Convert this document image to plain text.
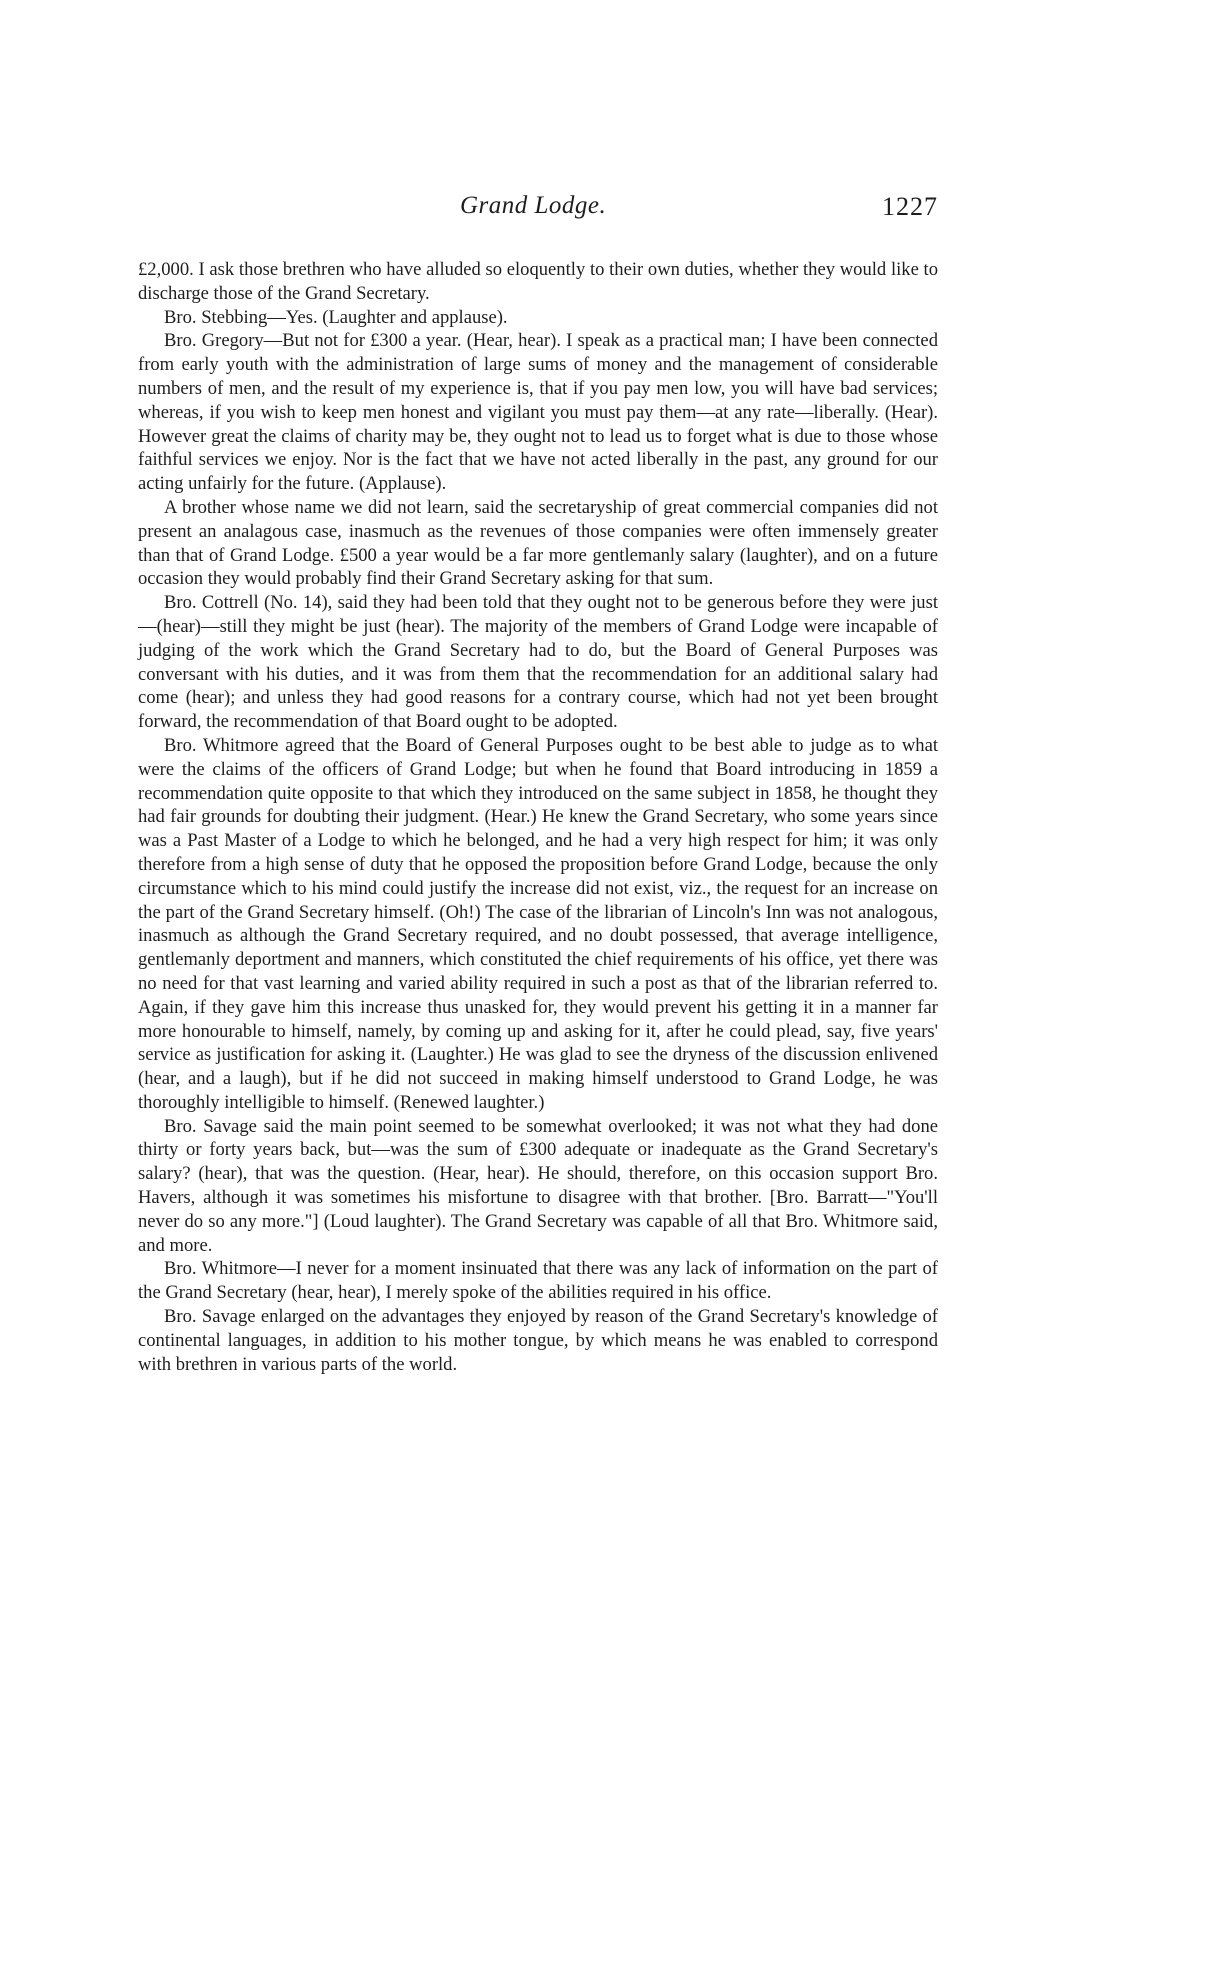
Grand Lodge.	1227

£2,000. I ask those brethren who have alluded so eloquently to their own duties, whether they would like to discharge those of the Grand Secretary.

Bro. Stebbing—Yes. (Laughter and applause).

Bro. Gregory—But not for £300 a year. (Hear, hear). I speak as a practical man; I have been connected from early youth with the administration of large sums of money and the management of considerable numbers of men, and the result of my experience is, that if you pay men low, you will have bad services; whereas, if you wish to keep men honest and vigilant you must pay them—at any rate—liberally. (Hear). However great the claims of charity may be, they ought not to lead us to forget what is due to those whose faithful services we enjoy. Nor is the fact that we have not acted liberally in the past, any ground for our acting unfairly for the future. (Applause).

A brother whose name we did not learn, said the secretaryship of great commercial companies did not present an analagous case, inasmuch as the revenues of those companies were often immensely greater than that of Grand Lodge. £500 a year would be a far more gentlemanly salary (laughter), and on a future occasion they would probably find their Grand Secretary asking for that sum.

Bro. Cottrell (No. 14), said they had been told that they ought not to be generous before they were just—(hear)—still they might be just (hear). The majority of the members of Grand Lodge were incapable of judging of the work which the Grand Secretary had to do, but the Board of General Purposes was conversant with his duties, and it was from them that the recommendation for an additional salary had come (hear); and unless they had good reasons for a contrary course, which had not yet been brought forward, the recommendation of that Board ought to be adopted.

Bro. Whitmore agreed that the Board of General Purposes ought to be best able to judge as to what were the claims of the officers of Grand Lodge; but when he found that Board introducing in 1859 a recommendation quite opposite to that which they introduced on the same subject in 1858, he thought they had fair grounds for doubting their judgment. (Hear.) He knew the Grand Secretary, who some years since was a Past Master of a Lodge to which he belonged, and he had a very high respect for him; it was only therefore from a high sense of duty that he opposed the proposition before Grand Lodge, because the only circumstance which to his mind could justify the increase did not exist, viz., the request for an increase on the part of the Grand Secretary himself. (Oh!) The case of the librarian of Lincoln's Inn was not analogous, inasmuch as although the Grand Secretary required, and no doubt possessed, that average intelligence, gentlemanly deportment and manners, which constituted the chief requirements of his office, yet there was no need for that vast learning and varied ability required in such a post as that of the librarian referred to. Again, if they gave him this increase thus unasked for, they would prevent his getting it in a manner far more honourable to himself, namely, by coming up and asking for it, after he could plead, say, five years' service as justification for asking it. (Laughter.) He was glad to see the dryness of the discussion enlivened (hear, and a laugh), but if he did not succeed in making himself understood to Grand Lodge, he was thoroughly intelligible to himself. (Renewed laughter.)

Bro. Savage said the main point seemed to be somewhat overlooked; it was not what they had done thirty or forty years back, but—was the sum of £300 adequate or inadequate as the Grand Secretary's salary? (hear), that was the question. (Hear, hear). He should, therefore, on this occasion support Bro. Havers, although it was sometimes his misfortune to disagree with that brother. [Bro. Barratt—"You'll never do so any more."] (Loud laughter). The Grand Secretary was capable of all that Bro. Whitmore said, and more.

Bro. Whitmore—I never for a moment insinuated that there was any lack of information on the part of the Grand Secretary (hear, hear), I merely spoke of the abilities required in his office.

Bro. Savage enlarged on the advantages they enjoyed by reason of the Grand Secretary's knowledge of continental languages, in addition to his mother tongue, by which means he was enabled to correspond with brethren in various parts of the world.
